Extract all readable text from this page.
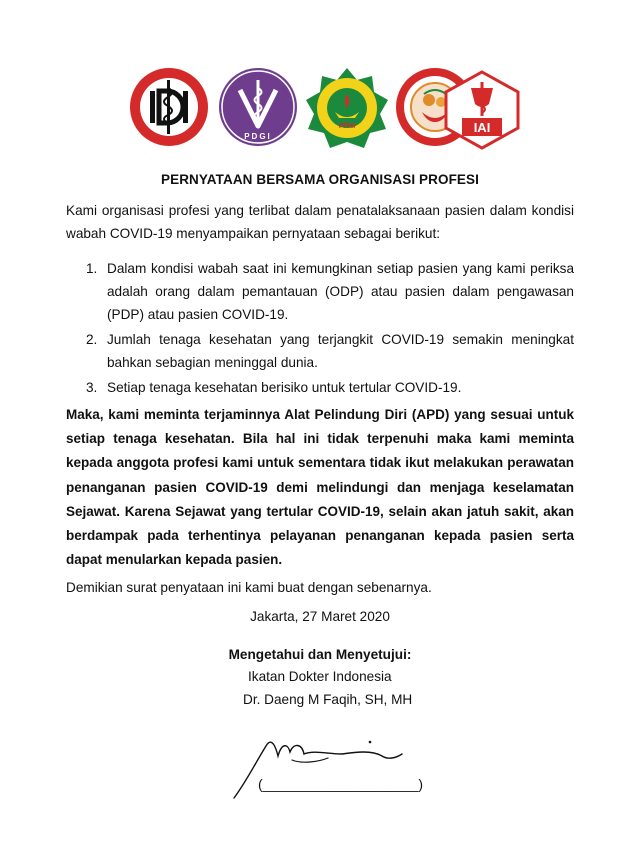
PDGI
PPNI	IAI
PERNYATAAN BERSAMA ORGANISASI PROFESI
Kami organisasi profesi yang terlibat dalam penatalaksanaan pasien dalam kondisi wabah COVID-19 menyampaikan pernyataan sebagai berikut:
1. Dalam kondisi wabah saat ini kemungkinan setiap pasien yang kami periksa adalah orang dalam pemantauan (ODP) atau pasien dalam pengawasan (PDP) atau pasien COVID-19.
2. Jumlah tenaga kesehatan yang terjangkit COVID-19 semakin meningkat bahkan sebagian meninggal dunia.
3. Setiap tenaga kesehatan berisiko untuk tertular COVID-19.
Maka, kami meminta terjaminnya Alat Pelindung Diri (APD) yang sesuai untuk setiap tenaga kesehatan. Bila hal ini tidak terpenuhi maka kami meminta kepada anggota profesi kami untuk sementara tidak ikut melakukan perawatan penanganan pasien COVID-19 demi melindungi dan menjaga keselamatan Sejawat. Karena Sejawat yang tertular COVID-19, selain akan jatuh sakit, akan berdampak pada terhentinya pelayanan penanganan kepada pasien serta dapat menularkan kepada pasien.
Demikian surat penyataan ini kami buat dengan sebenarnya.
Jakarta, 27 Maret 2020
Mengetahui dan Menyetujui:
Ikatan Dokter Indonesia
Dr. Daeng M Faqih, SH, MH
(____________________)
